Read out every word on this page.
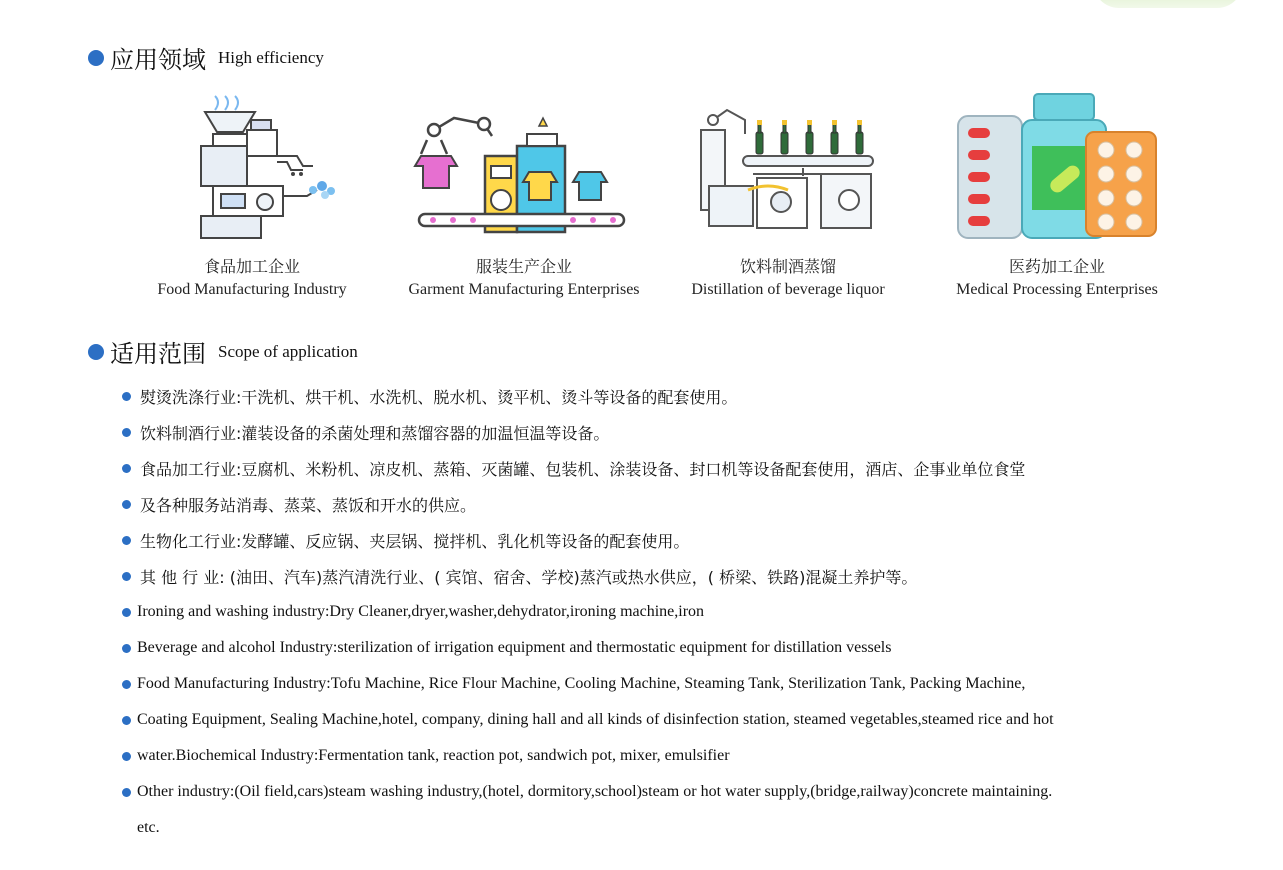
应用领域 High efficiency
食品加工企业
Food Manufacturing Industry
服装生产企业
Garment Manufacturing Enterprises
饮料制酒蒸馏
Distillation of beverage liquor
医药加工企业
Medical Processing Enterprises
适用范围 Scope of application
熨烫洗涤行业:干洗机、烘干机、水洗机、脱水机、烫平机、烫斗等设备的配套使用。
饮料制酒行业:灌装设备的杀菌处理和蒸馏容器的加温恒温等设备。
食品加工行业:豆腐机、米粉机、凉皮机、蒸箱、灭菌罐、包装机、涂装设备、封口机等设备配套使用，酒店、企事业单位食堂
及各种服务站消毒、蒸菜、蒸饭和开水的供应。
生物化工行业:发酵罐、反应锅、夹层锅、搅拌机、乳化机等设备的配套使用。
其 他 行 业: (油田、汽车)蒸汽清洗行业、( 宾馆、宿舍、学校)蒸汽或热水供应，( 桥梁、铁路)混凝土养护等。
Ironing and washing industry:Dry Cleaner,dryer,washer,dehydrator,ironing machine,iron
Beverage and alcohol Industry:sterilization of irrigation equipment and thermostatic equipment for distillation vessels
Food Manufacturing Industry:Tofu Machine, Rice Flour Machine, Cooling Machine, Steaming Tank, Sterilization Tank, Packing Machine,
Coating Equipment, Sealing Machine,hotel, company, dining hall and all kinds of disinfection station, steamed vegetables,steamed rice and hot
water.Biochemical Industry:Fermentation tank, reaction pot, sandwich pot, mixer, emulsifier
Other industry:(Oil field,cars)steam washing industry,(hotel, dormitory,school)steam or hot water supply,(bridge,railway)concrete maintaining.
etc.
